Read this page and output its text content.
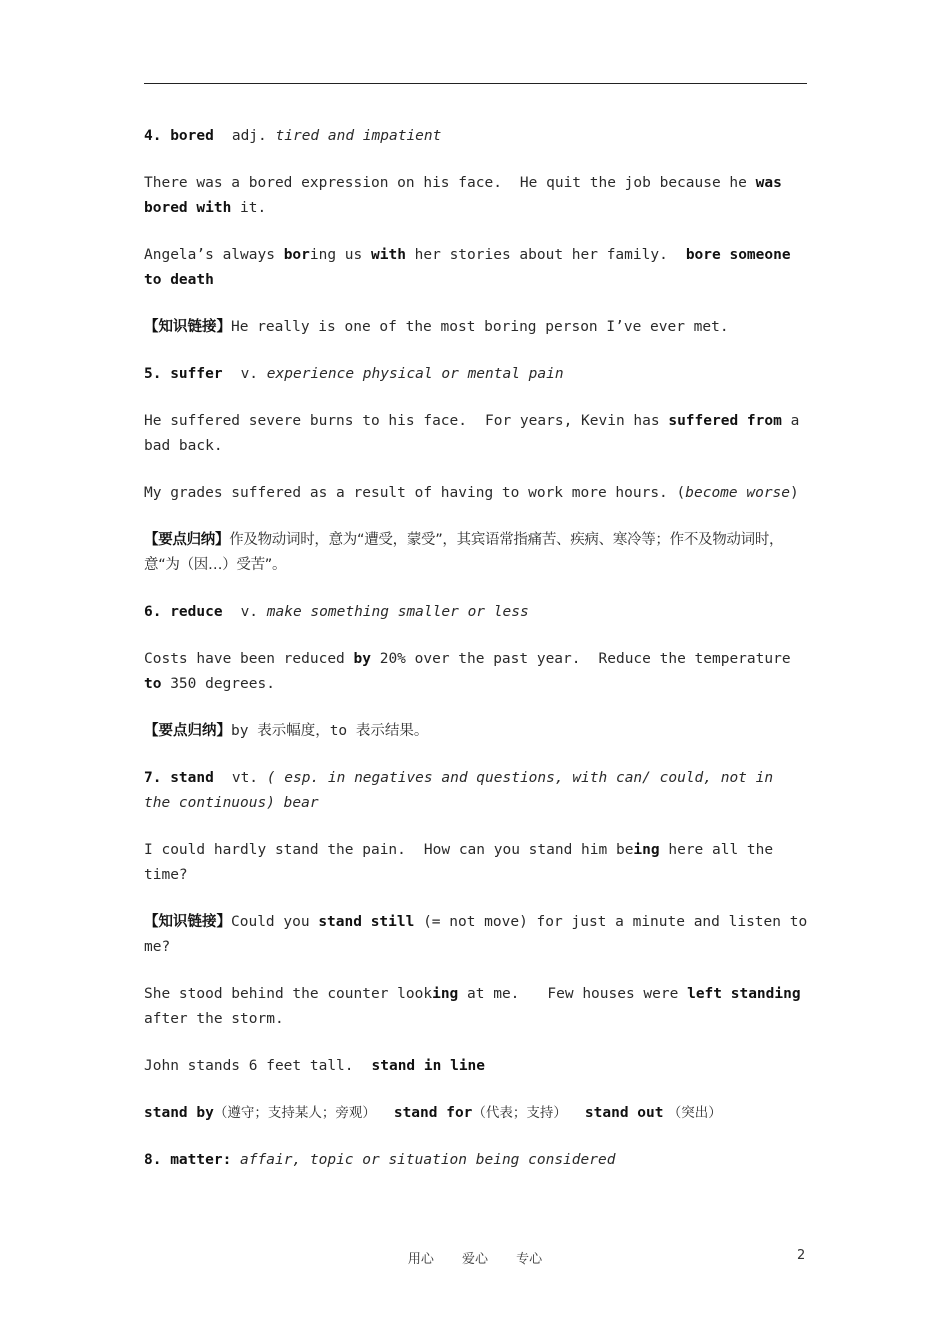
4. bored adj. tired and impatient

There was a bored expression on his face. He quit the job because he was bored with it.

Angela’s always boring us with her stories about her family. bore someone to death

【知识链接】He really is one of the most boring person I’ve ever met.

5. suffer v. experience physical or mental pain

He suffered severe burns to his face. For years, Kevin has suffered from a bad back.

My grades suffered as a result of having to work more hours. (become worse)

【要点归纳】作及物动词时，意为“遭受，蒙受”，其宾语常指痛苦、疾病、寒冷等；作不及物动词时，意“为（因…）受苦”。

6. reduce v. make something smaller or less

Costs have been reduced by 20% over the past year. Reduce the temperature to 350 degrees.

【要点归纳】by 表示幅度，to 表示结果。

7. stand vt. ( esp. in negatives and questions, with can/ could, not in the continuous) bear

I could hardly stand the pain. How can you stand him being here all the time?

【知识链接】Could you stand still (= not move) for just a minute and listen to me?

She stood behind the counter looking at me. Few houses were left standing after the storm.

John stands 6 feet tall. stand in line

stand by（遵守；支持某人；旁观） stand for（代表；支持） stand out （突出）

8. matter: affair, topic or situation being considered

用心 爱心 专心	2
